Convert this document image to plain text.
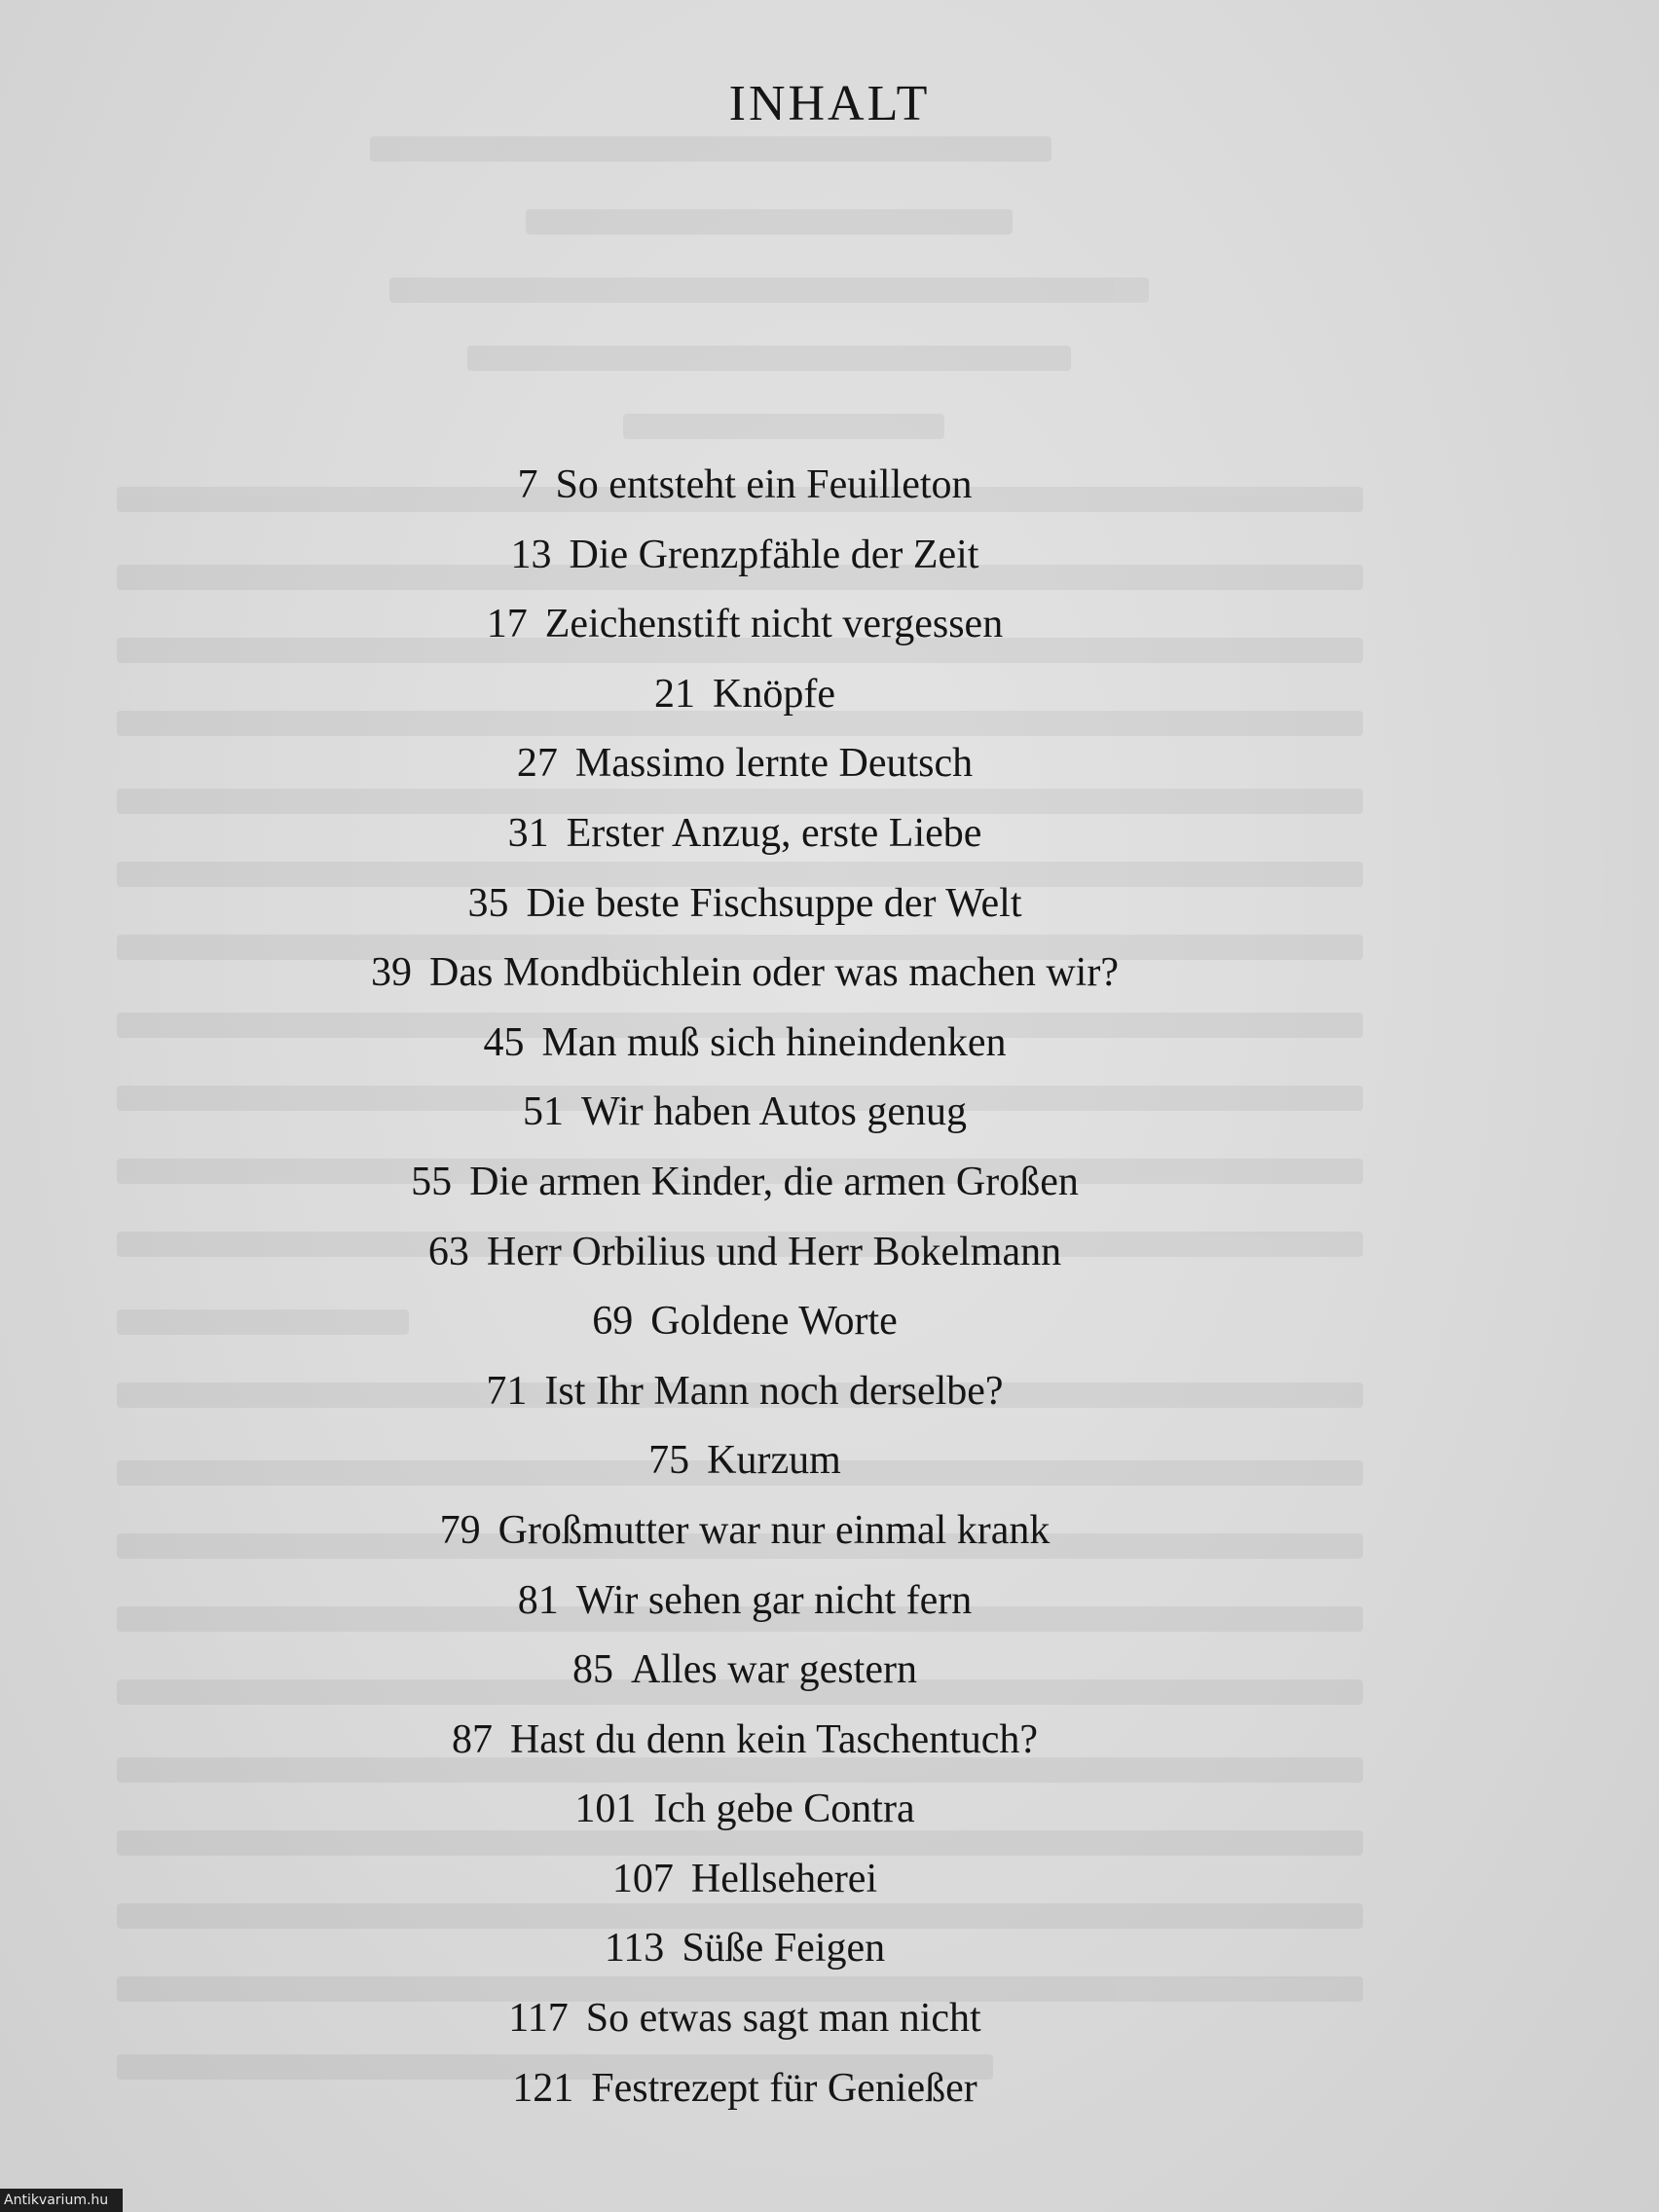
INHALT
7 So entsteht ein Feuilleton
13 Die Grenzpfähle der Zeit
17 Zeichenstift nicht vergessen
21 Knöpfe
27 Massimo lernte Deutsch
31 Erster Anzug, erste Liebe
35 Die beste Fischsuppe der Welt
39 Das Mondbüchlein oder was machen wir?
45 Man muß sich hineindenken
51 Wir haben Autos genug
55 Die armen Kinder, die armen Großen
63 Herr Orbilius und Herr Bokelmann
69 Goldene Worte
71 Ist Ihr Mann noch derselbe?
75 Kurzum
79 Großmutter war nur einmal krank
81 Wir sehen gar nicht fern
85 Alles war gestern
87 Hast du denn kein Taschentuch?
101 Ich gebe Contra
107 Hellseherei
113 Süße Feigen
117 So etwas sagt man nicht
121 Festrezept für Genießer
Antikvarium.hu
